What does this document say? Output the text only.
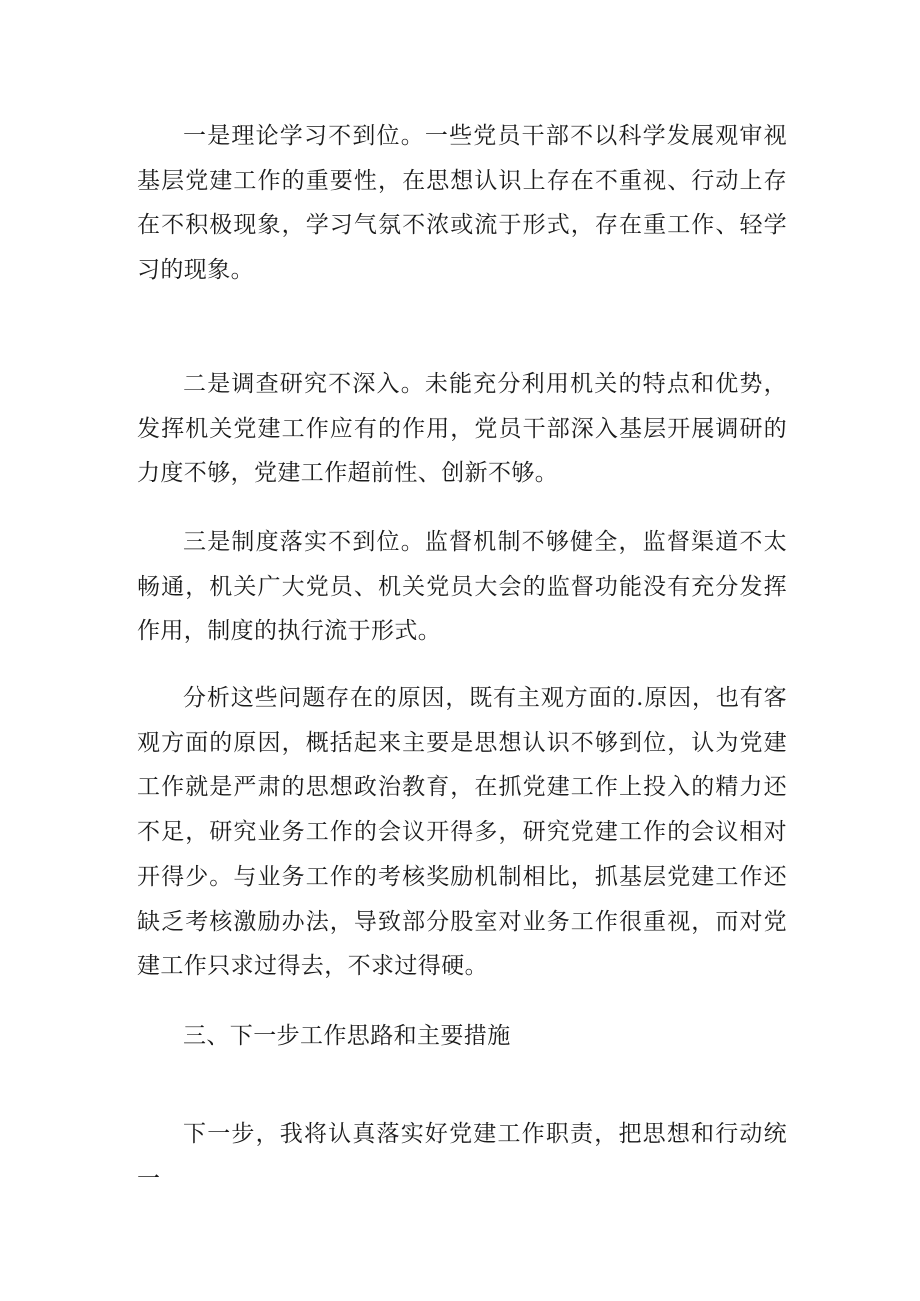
一是理论学习不到位。一些党员干部不以科学发展观审视基层党建工作的重要性，在思想认识上存在不重视、行动上存在不积极现象，学习气氛不浓或流于形式，存在重工作、轻学习的现象。

二是调查研究不深入。未能充分利用机关的特点和优势，发挥机关党建工作应有的作用，党员干部深入基层开展调研的力度不够，党建工作超前性、创新不够。

三是制度落实不到位。监督机制不够健全，监督渠道不太畅通，机关广大党员、机关党员大会的监督功能没有充分发挥作用，制度的执行流于形式。

分析这些问题存在的原因，既有主观方面的.原因，也有客观方面的原因，概括起来主要是思想认识不够到位，认为党建工作就是严肃的思想政治教育，在抓党建工作上投入的精力还不足，研究业务工作的会议开得多，研究党建工作的会议相对开得少。与业务工作的考核奖励机制相比，抓基层党建工作还缺乏考核激励办法，导致部分股室对业务工作很重视，而对党建工作只求过得去，不求过得硬。

三、下一步工作思路和主要措施

下一步，我将认真落实好党建工作职责，把思想和行动统一
